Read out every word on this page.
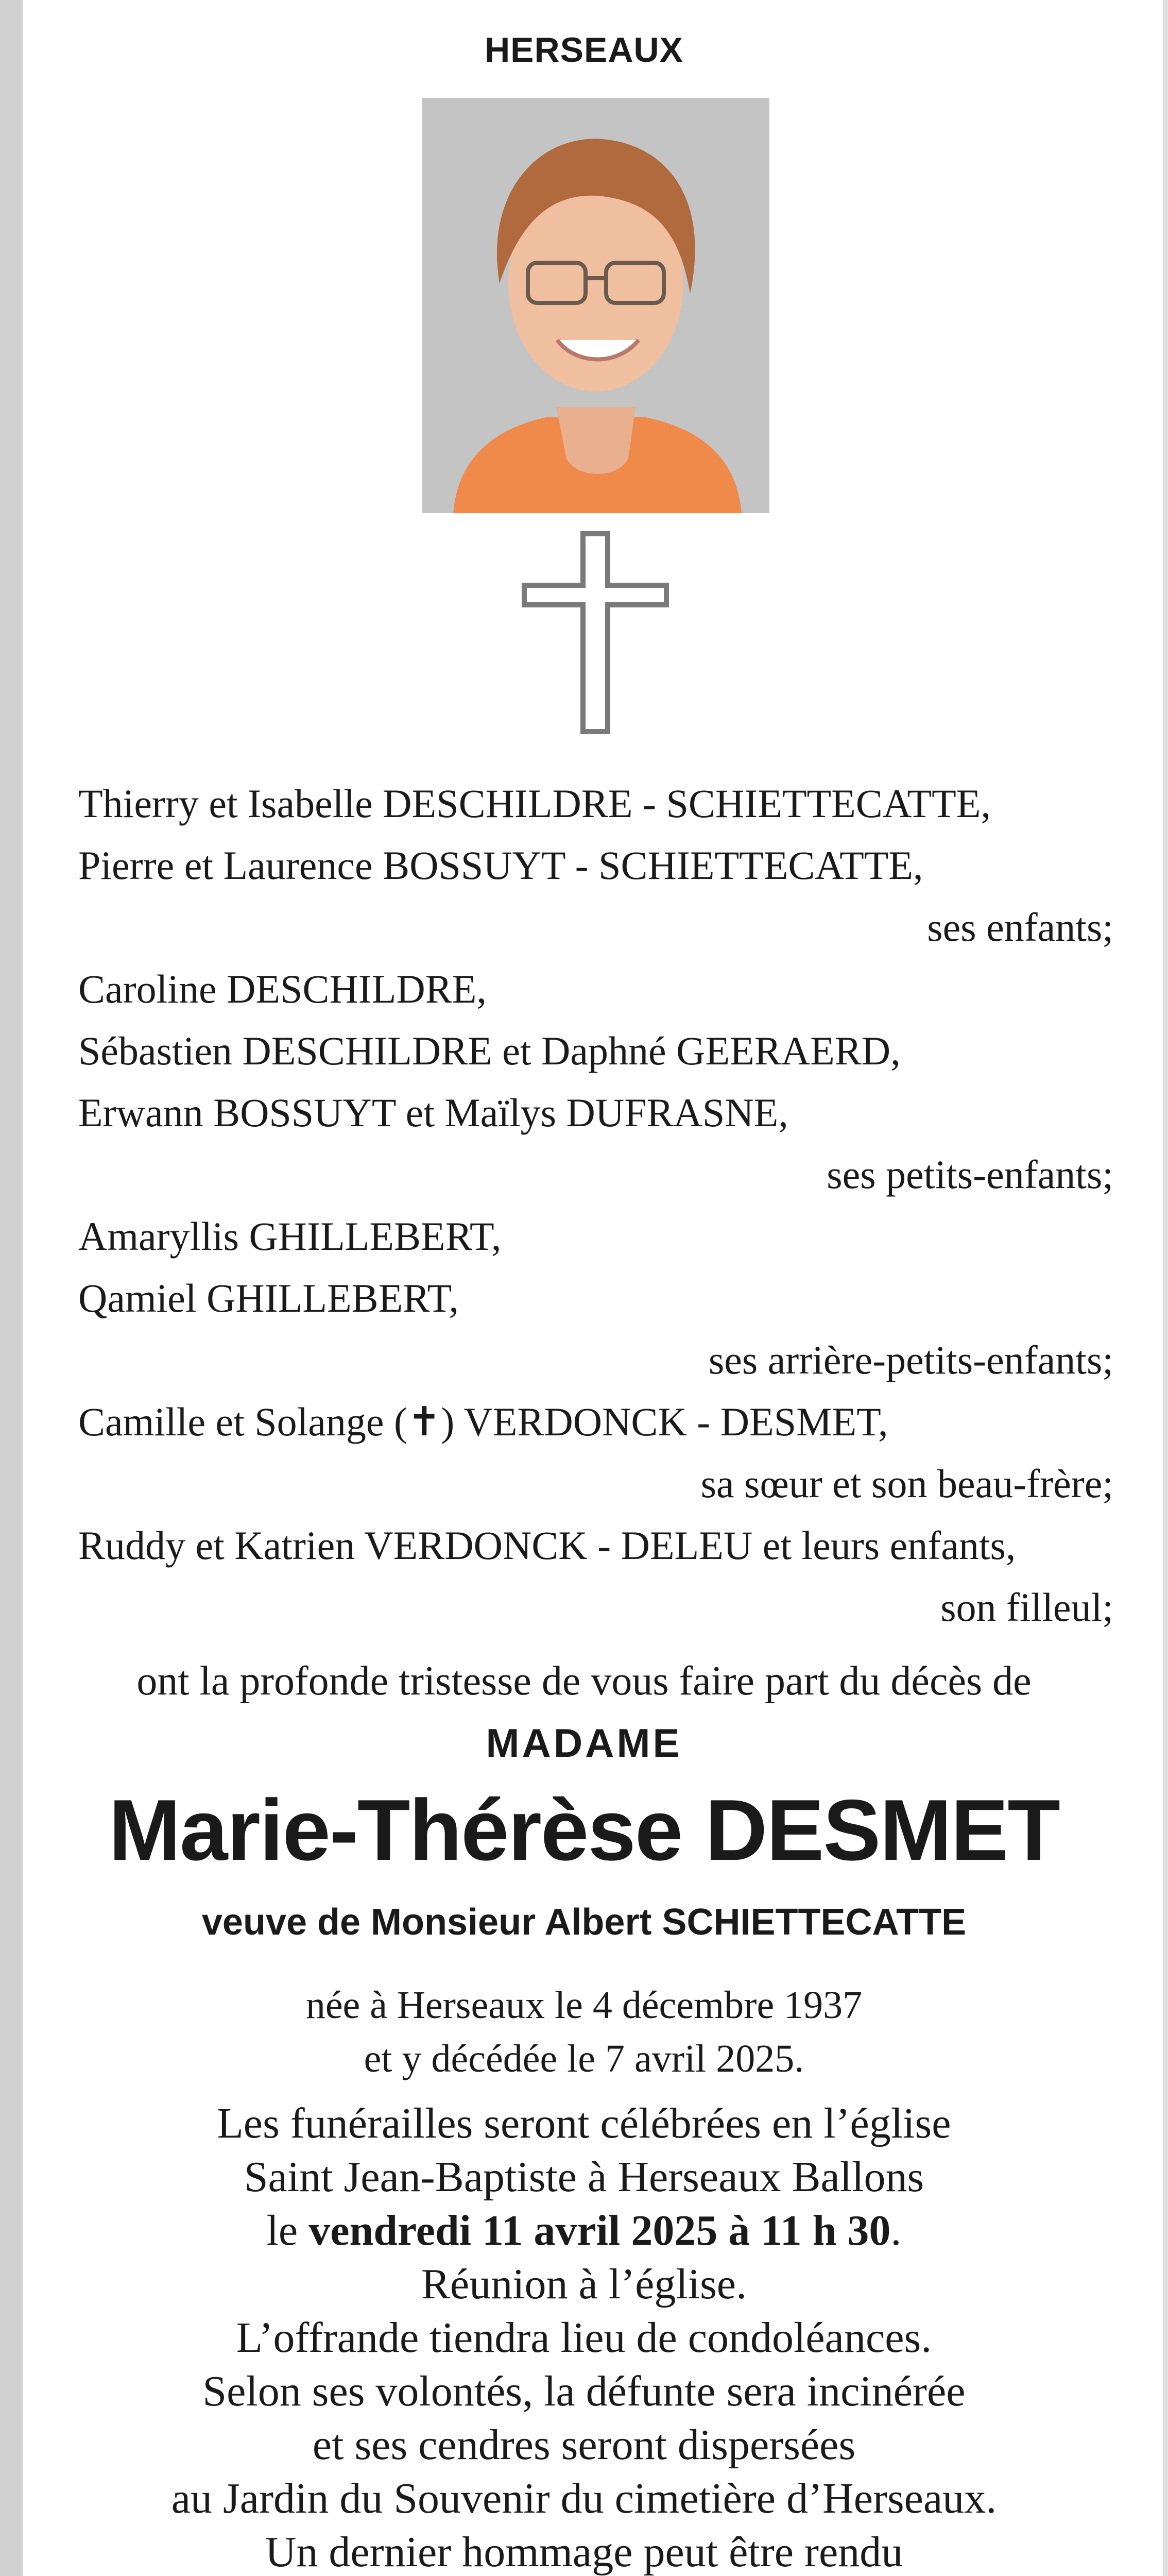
HERSEAUX
Thierry et Isabelle DESCHILDRE - SCHIETTECATTE,
Pierre et Laurence BOSSUYT - SCHIETTECATTE,
ses enfants;
Caroline DESCHILDRE,
Sébastien DESCHILDRE et Daphné GEERAERD,
Erwann BOSSUYT et Maïlys DUFRASNE,
ses petits-enfants;
Amaryllis GHILLEBERT,
Qamiel GHILLEBERT,
ses arrière-petits-enfants;
Camille et Solange (✝) VERDONCK - DESMET,
sa sœur et son beau-frère;
Ruddy et Katrien VERDONCK - DELEU et leurs enfants,
son filleul;
ont la profonde tristesse de vous faire part du décès de
MADAME
Marie-Thérèse DESMET
veuve de Monsieur Albert SCHIETTECATTE
née à Herseaux le 4 décembre 1937
et y décédée le 7 avril 2025.
Les funérailles seront célébrées en l’église
Saint Jean-Baptiste à Herseaux Ballons
le vendredi 11 avril 2025 à 11 h 30.
Réunion à l’église.
L’offrande tiendra lieu de condoléances.
Selon ses volontés, la défunte sera incinérée
et ses cendres seront dispersées
au Jardin du Souvenir du cimetière d’Herseaux.
Un dernier hommage peut être rendu
